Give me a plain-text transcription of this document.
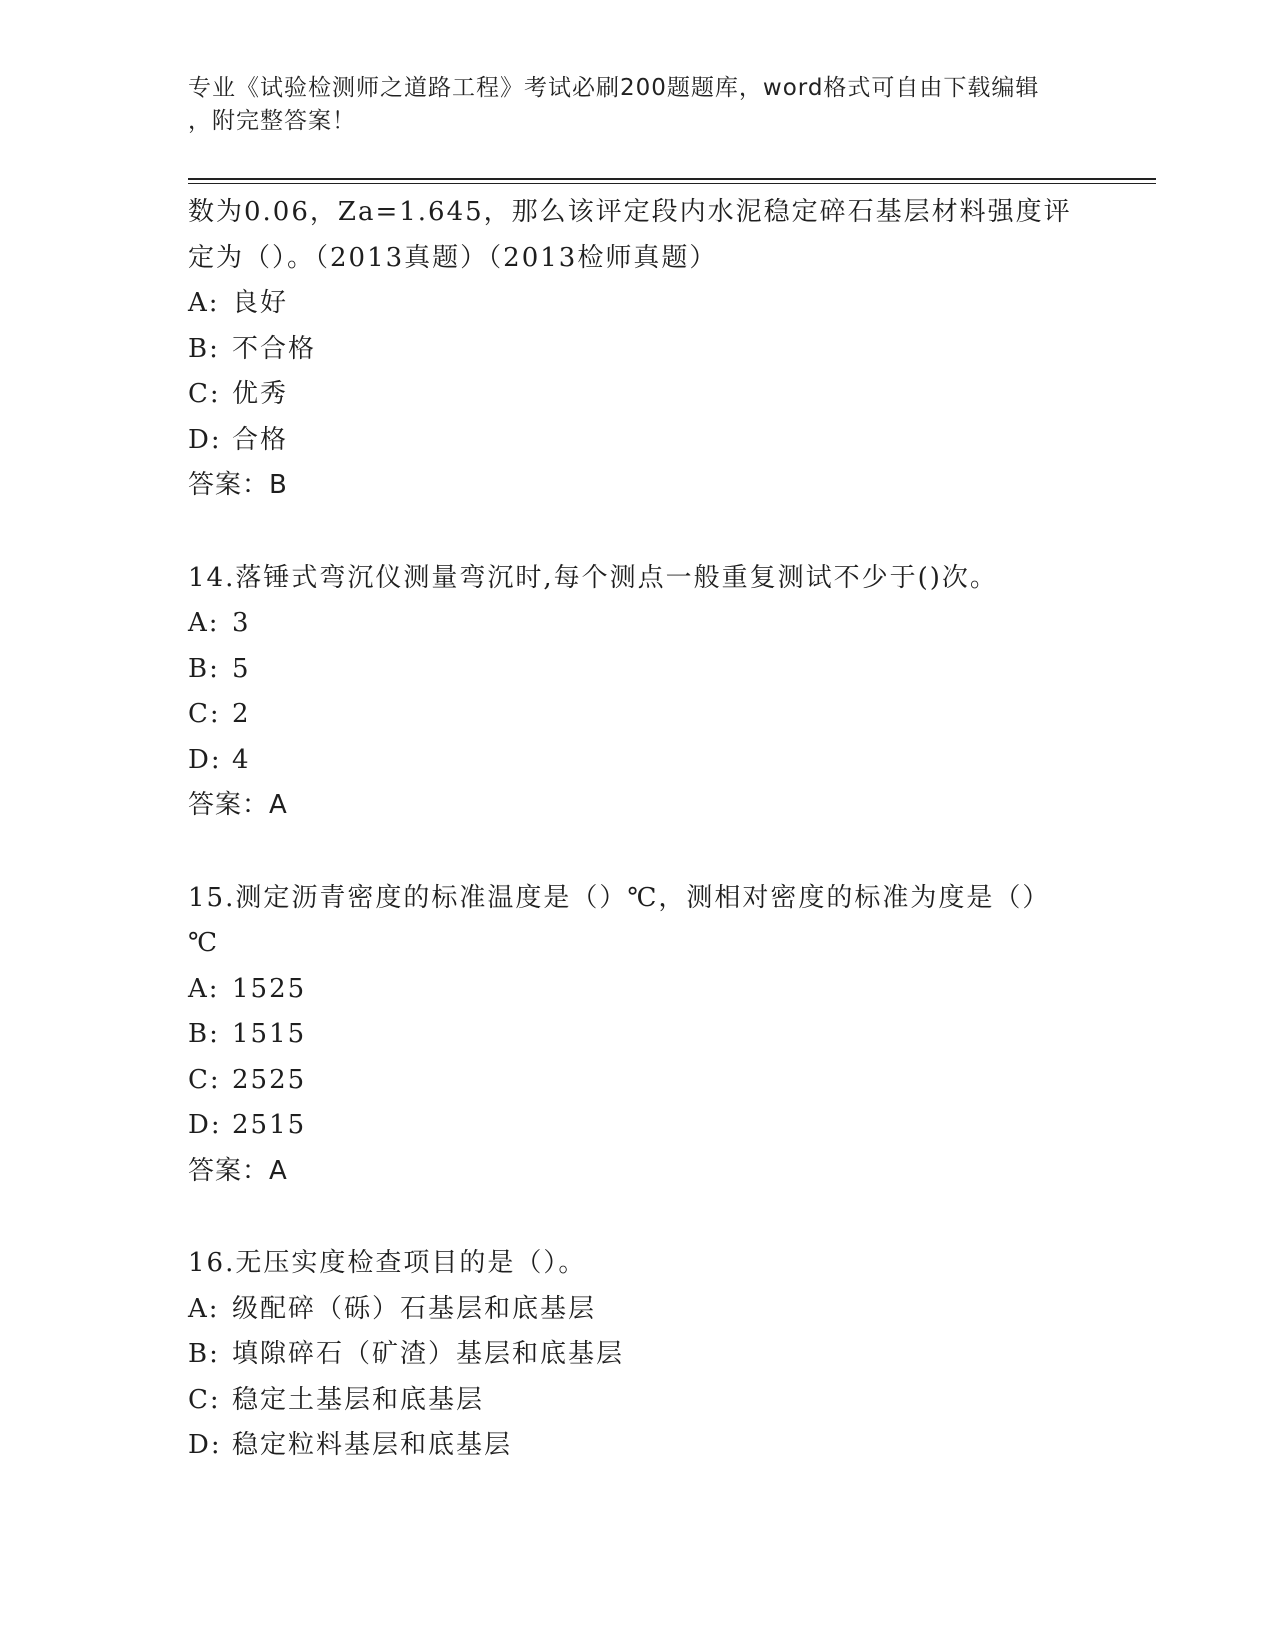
专业《试验检测师之道路工程》考试必刷200题题库，word格式可自由下载编辑
，附完整答案！
数为0.06，Za=1.645，那么该评定段内水泥稳定碎石基层材料强度评
定为（）。（2013真题）（2013检师真题）
A: 良好
B: 不合格
C: 优秀
D: 合格
答案：B
14.落锤式弯沉仪测量弯沉时,每个测点一般重复测试不少于()次。
A: 3
B: 5
C: 2
D: 4
答案：A
15.测定沥青密度的标准温度是（）℃，测相对密度的标准为度是（）
℃
A: 1525
B: 1515
C: 2525
D: 2515
答案：A
16.无压实度检查项目的是（）。
A: 级配碎（砾）石基层和底基层
B: 填隙碎石（矿渣）基层和底基层
C: 稳定土基层和底基层
D: 稳定粒料基层和底基层
